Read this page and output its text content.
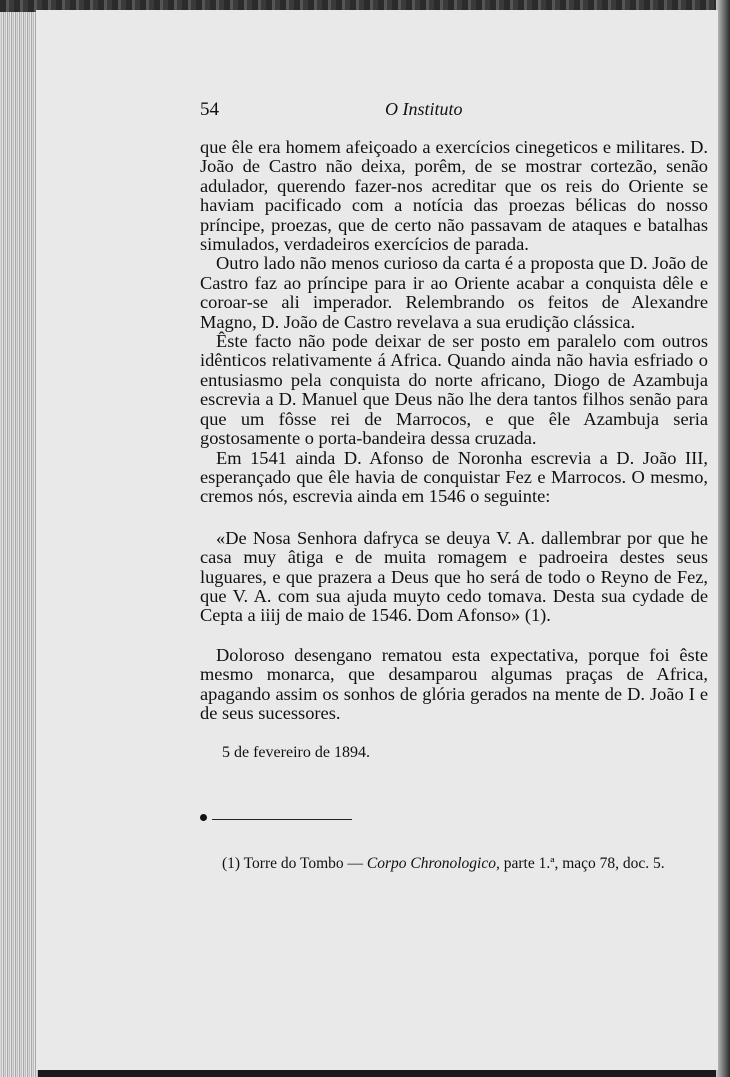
54	O Instituto

que êle era homem afeiçoado a exercícios cinegeticos e militares. D. João de Castro não deixa, porêm, de se mostrar cortezão, senão adulador, querendo fazer-nos acreditar que os reis do Oriente se haviam pacificado com a notícia das proezas bélicas do nosso príncipe, proezas, que de certo não passavam de ataques e batalhas simulados, verdadeiros exercícios de parada.

Outro lado não menos curioso da carta é a proposta que D. João de Castro faz ao príncipe para ir ao Oriente acabar a conquista dêle e coroar-se ali imperador. Relembrando os feitos de Alexandre Magno, D. João de Castro revelava a sua erudição clássica.

Êste facto não pode deixar de ser posto em paralelo com outros idênticos relativamente á Africa. Quando ainda não havia esfriado o entusiasmo pela conquista do norte africano, Diogo de Azambuja escrevia a D. Manuel que Deus não lhe dera tantos filhos senão para que um fôsse rei de Marrocos, e que êle Azambuja seria gostosamente o porta-bandeira dessa cruzada.

Em 1541 ainda D. Afonso de Noronha escrevia a D. João III, esperançado que êle havia de conquistar Fez e Marrocos. O mesmo, cremos nós, escrevia ainda em 1546 o seguinte:

«De Nosa Senhora dafryca se deuya V. A. dallembrar por que he casa muy âtiga e de muita romagem e padroeira destes seus luguares, e que prazera a Deus que ho será de todo o Reyno de Fez, que V. A. com sua ajuda muyto cedo tomava. Desta sua cydade de Cepta a iiij de maio de 1546. Dom Afonso» (1).

Doloroso desengano rematou esta expectativa, porque foi êste mesmo monarca, que desamparou algumas praças de Africa, apagando assim os sonhos de glória gerados na mente de D. João I e de seus sucessores.

5 de fevereiro de 1894.

(1) Torre do Tombo — Corpo Chronologico, parte 1.ª, maço 78, doc. 5.
